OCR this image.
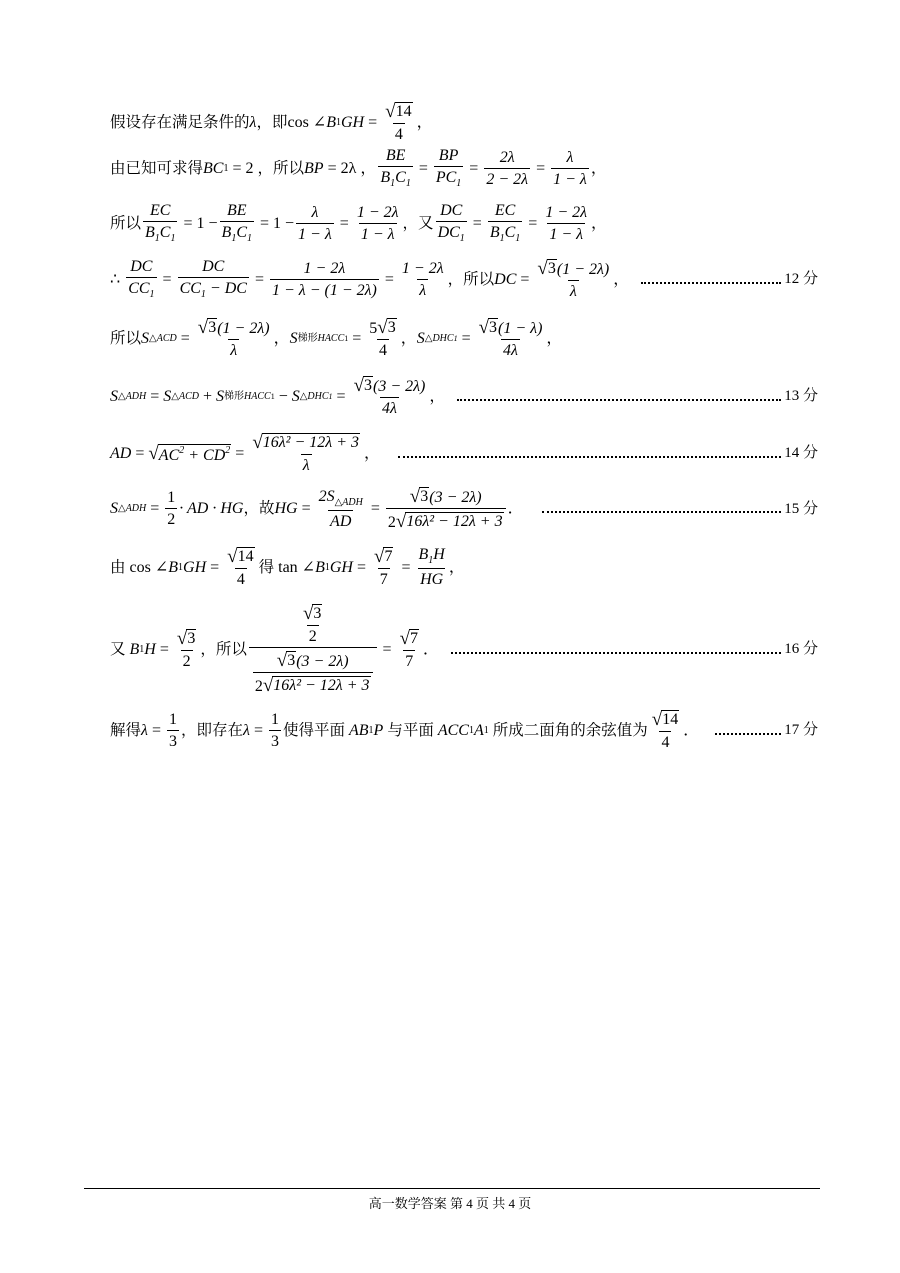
假设存在满足条件的 λ ，即 cos
∠ B 1 GH = $\frac{√ 14}{4}$ ，
由已知可求得 BC 1 = 2 ，所以 BP = 2λ ， $\frac{BE}{B_1C_1} = \frac{BP}{PC_1} = \frac{2\lambda}{2 - 2\lambda} = \frac{\lambda}{1 - \lambda}$ ，
所以 $\frac{EC}{B_1C_1} = 1 - \frac{BE}{B_1C_1} = 1 - \frac{\lambda}{1 - \lambda} = \frac{1 - 2\lambda}{1 - \lambda}$ ，又 $\frac{DC}{DC_1} = \frac{EC}{B_1C_1} = \frac{1 - 2\lambda}{1 - \lambda}$ ，
∴
$\frac{DC}{CC_1} = \frac{DC}{CC_1 - DC} = \frac{1 - 2\lambda}{1 - \lambda - (1 - 2\lambda)} = \frac{1 - 2\lambda}{\lambda}$ ，所以 DC = $\frac{√ 3 (1 - 2\lambda)}{\lambda}$ ，	12 分
所以 S △ACD = $\frac{√ 3 (1 - 2\lambda)}{\lambda}$ ， S 梯形HACC1 = $\frac{5 √ 3}{4}$ ， S △DHC1 = $\frac{√ 3 (1 - \lambda)}{4\lambda}$ ，
S △ADH = S △ACD + S 梯形HACC1 − S △DHC1 = $\frac{√ 3 (3 - 2\lambda)}{4\lambda}$ ，	13 分
AD = √ $AC^2 + CD^2 = \frac{\text{√ 16λ² − 12λ + 3}}{\lambda}$ ，	14 分
S △ADH = $\frac{1}{2}$ · AD · HG ，故 HG = $\frac{2S_{\triangle ADH}}{AD} = \frac{√ 3 (3 - 2\lambda)}{\text{2 √ 16λ² − 12λ + 3}}$ ．	15 分
由
cos
∠ B 1 GH = $\frac{√ 14}{4}$ 得
tan
∠ B 1 GH = $\frac{√ 7}{7} = \frac{B_1H}{HG}$ ，
又
B 1 $H = \frac{√ 3}{2}$ ，所以 $\frac{\frac{√ 3}{2}}{\frac{√ 3 (3 - 2\lambda)}{\text{2 √ 16λ² − 12λ + 3}}} = \frac{√ 7}{7}$ ．	16 分
解得 $\lambda = \frac{1}{3}$ ，即存在 $\lambda = \frac{1}{3}$ 使得平面
AB 1 P
与平面
ACC 1 A 1
所成二面角的余弦值为 $\frac{√ 14}{4}$ ．	17 分
高一数学答案 第 4 页 共 4 页
